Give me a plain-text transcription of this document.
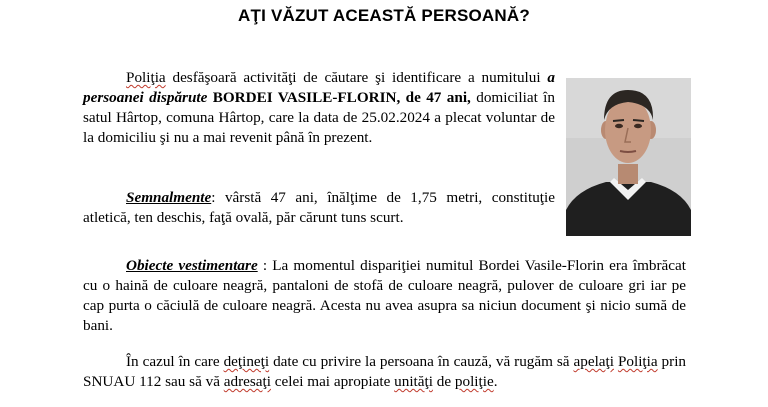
AŢI VĂZUT ACEASTĂ PERSOANĂ?

Poliţia desfăşoară activităţi de căutare şi identificare a numitului a persoanei dispărute BORDEI VASILE-FLORIN, de 47 ani, domiciliat în satul Hârtop, comuna Hârtop, care la data de 25.02.2024 a plecat voluntar de la domiciliu şi nu a mai revenit până în prezent.

Semnalmente: vârstă 47 ani, înălţime de 1,75 metri, constituţie atletică, ten deschis, faţă ovală, păr cărunt tuns scurt.

Obiecte vestimentare : La momentul dispariţiei numitul Bordei Vasile-Florin era îmbrăcat cu o haină de culoare neagră, pantaloni de stofă de culoare neagră, pulover de culoare gri iar pe cap purta o căciulă de culoare neagră. Acesta nu avea asupra sa niciun document şi nicio sumă de bani.

În cazul în care deţineţi date cu privire la persoana în cauză, vă rugăm să apelaţi Poliţia prin SNUAU 112 sau să vă adresaţi celei mai apropiate unităţi de poliţie.
